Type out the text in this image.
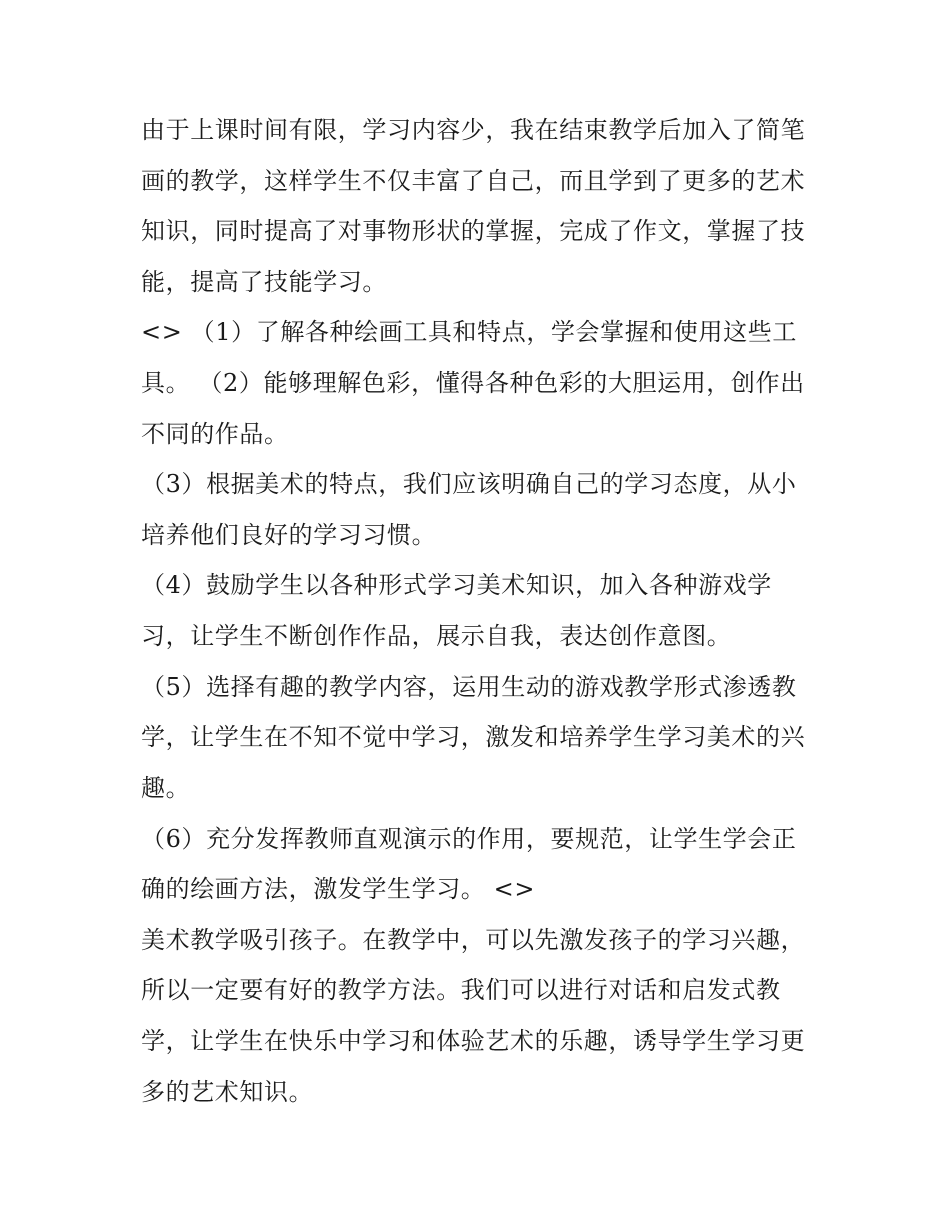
由于上课时间有限，学习内容少，我在结束教学后加入了简笔
画的教学，这样学生不仅丰富了自己，而且学到了更多的艺术
知识，同时提高了对事物形状的掌握，完成了作文，掌握了技
能，提高了技能学习。
<> （1）了解各种绘画工具和特点，学会掌握和使用这些工
具。 （2）能够理解色彩，懂得各种色彩的大胆运用，创作出
不同的作品。
（3）根据美术的特点，我们应该明确自己的学习态度，从小
培养他们良好的学习习惯。
（4）鼓励学生以各种形式学习美术知识，加入各种游戏学
习，让学生不断创作作品，展示自我，表达创作意图。
（5）选择有趣的教学内容，运用生动的游戏教学形式渗透教
学，让学生在不知不觉中学习，激发和培养学生学习美术的兴
趣。
（6）充分发挥教师直观演示的作用，要规范，让学生学会正
确的绘画方法，激发学生学习。 <>
美术教学吸引孩子。在教学中，可以先激发孩子的学习兴趣，
所以一定要有好的教学方法。我们可以进行对话和启发式教
学，让学生在快乐中学习和体验艺术的乐趣，诱导学生学习更
多的艺术知识。
